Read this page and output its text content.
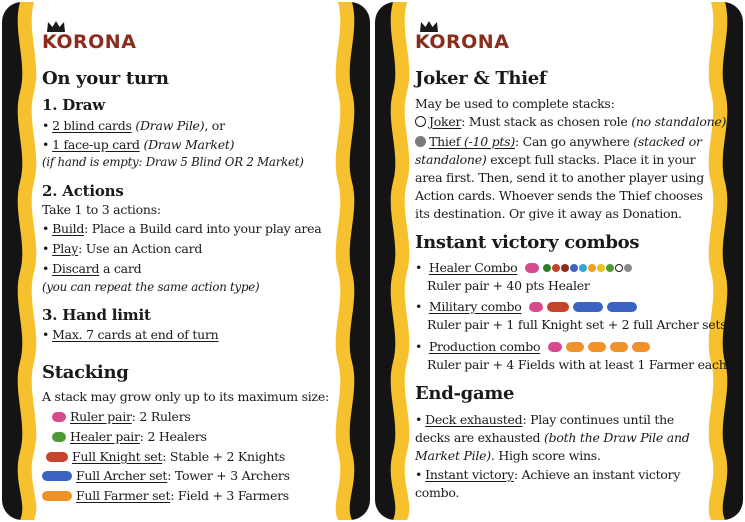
KORONA
On your turn
1. Draw
• 2 blind cards (Draw Pile), or
• 1 face-up card (Draw Market)
(if hand is empty: Draw 5 Blind OR 2 Market)
2. Actions
Take 1 to 3 actions:
• Build: Place a Build card into your play area
• Play: Use an Action card
• Discard a card
(you can repeat the same action type)
3. Hand limit
• Max. 7 cards at end of turn
Stacking
A stack may grow only up to its maximum size:
Ruler pair: 2 Rulers
Healer pair: 2 Healers
Full Knight set: Stable + 2 Knights
Full Archer set: Tower + 3 Archers
Full Farmer set: Field + 3 Farmers
KORONA
Joker & Thief
May be used to complete stacks:
Joker: Must stack as chosen role (no standalone).
Thief (-10 pts): Can go anywhere (stacked or
standalone) except full stacks. Place it in your
area first. Then, send it to another player using
Action cards. Whoever sends the Thief chooses
its destination. Or give it away as Donation.
Instant victory combos
• Healer Combo
Ruler pair + 40 pts Healer
• Military combo
Ruler pair + 1 full Knight set + 2 full Archer sets
• Production combo
Ruler pair + 4 Fields with at least 1 Farmer each
End-game
• Deck exhausted: Play continues until the
decks are exhausted (both the Draw Pile and
Market Pile). High score wins.
• Instant victory: Achieve an instant victory
combo.
